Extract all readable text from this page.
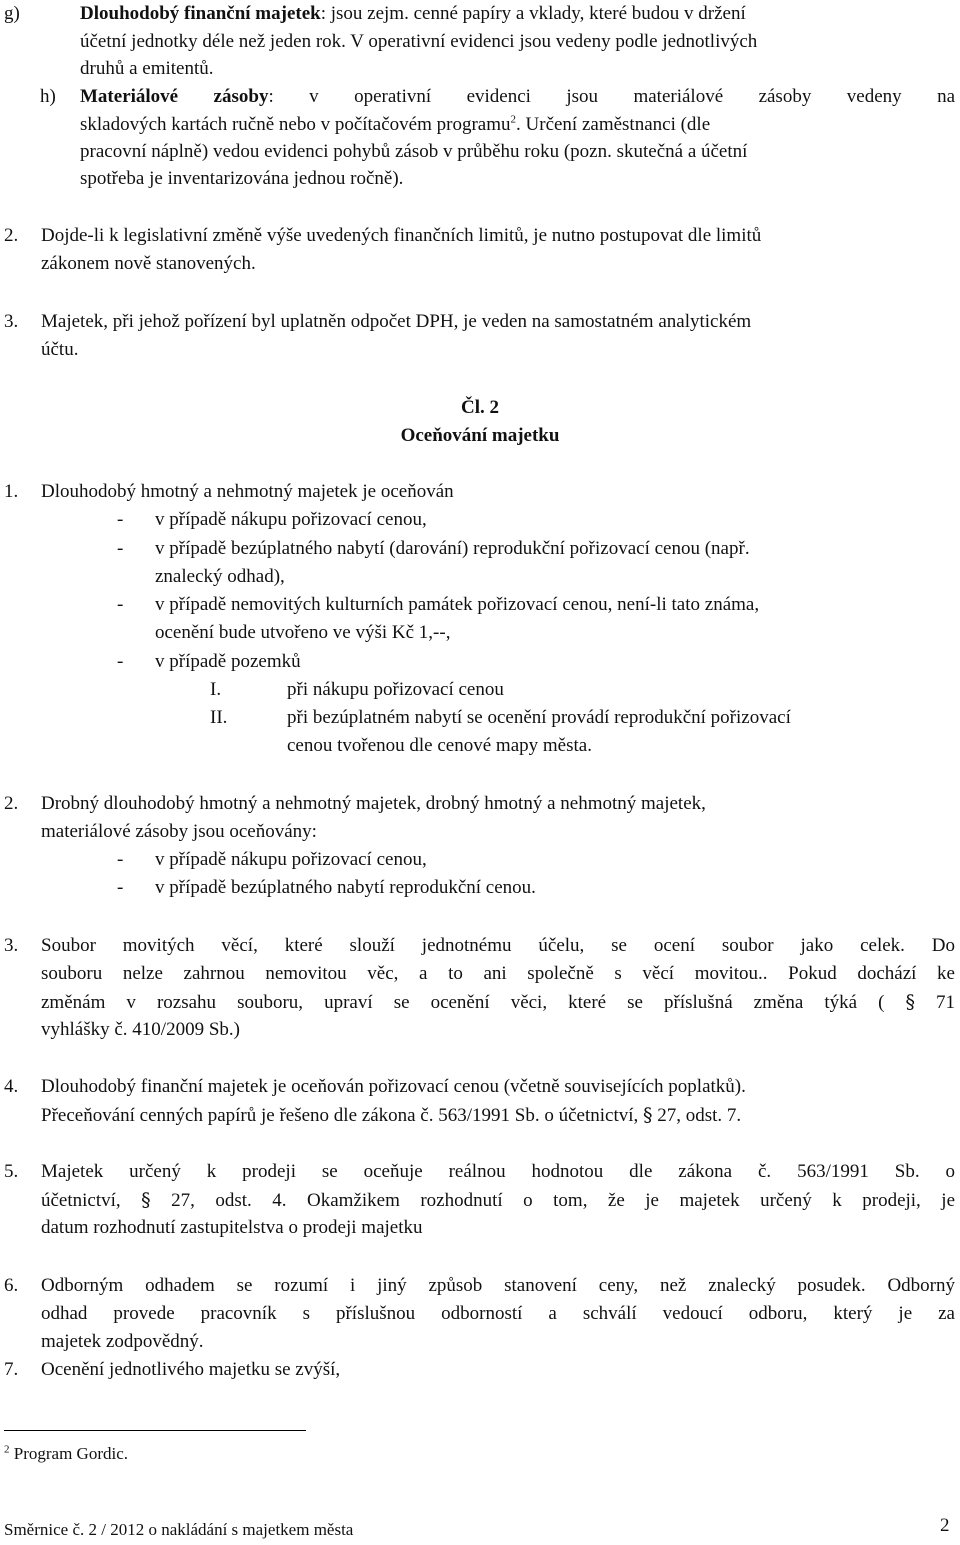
g)	Dlouhodobý finanční majetek: jsou zejm. cenné papíry a vklady, které budou v držení
účetní jednotky déle než jeden rok. V operativní evidenci jsou vedeny podle jednotlivých
druhů a emitentů.
h) Materiálové zásoby: v operativní evidenci jsou materiálové zásoby vedeny na
skladových kartách ručně nebo v počítačovém programu$^2$. Určení zaměstnanci (dle
pracovní náplně) vedou evidenci pohybů zásob v průběhu roku (pozn. skutečná a účetní
spotřeba je inventarizována jednou ročně).
2. Dojde-li k legislativní změně výše uvedených finančních limitů, je nutno postupovat dle limitů
zákonem nově stanovených.
3. Majetek, při jehož pořízení byl uplatněn odpočet DPH, je veden na samostatném analytickém
účtu.
Čl. 2
Oceňování majetku
1. Dlouhodobý hmotný a nehmotný majetek je oceňován
- v případě nákupu pořizovací cenou,
- v případě bezúplatného nabytí (darování) reprodukční pořizovací cenou (např.
znalecký odhad),
- v případě nemovitých kulturních památek pořizovací cenou, není-li tato známa,
ocenění bude utvořeno ve výši Kč 1,--,
- v případě pozemků
I.	při nákupu pořizovací cenou
II.	při bezúplatném nabytí se ocenění provádí reprodukční pořizovací
cenou tvořenou dle cenové mapy města.
2. Drobný dlouhodobý hmotný a nehmotný majetek, drobný hmotný a nehmotný majetek,
materiálové zásoby jsou oceňovány:
- v případě nákupu pořizovací cenou,
- v případě bezúplatného nabytí reprodukční cenou.
3. Soubor movitých věcí, které slouží jednotnému účelu, se ocení soubor jako celek. Do
souboru nelze zahrnou nemovitou věc, a to ani společně s věcí movitou.. Pokud dochází ke
změnám v rozsahu souboru, upraví se ocenění věci, které se příslušná změna týká ( § 71
vyhlášky č. 410/2009 Sb.)
4. Dlouhodobý finanční majetek je oceňován pořizovací cenou (včetně souvisejících poplatků).
Přeceňování cenných papírů je řešeno dle zákona č. 563/1991 Sb. o účetnictví, § 27, odst. 7.
5. Majetek určený k prodeji se oceňuje reálnou hodnotou dle zákona č. 563/1991 Sb. o
účetnictví, § 27, odst. 4. Okamžikem rozhodnutí o tom, že je majetek určený k prodeji, je
datum rozhodnutí zastupitelstva o prodeji majetku
6. Odborným odhadem se rozumí i jiný způsob stanovení ceny, než znalecký posudek. Odborný
odhad provede pracovník s příslušnou odborností a schválí vedoucí odboru, který je za
majetek zodpovědný.
7. Ocenění jednotlivého majetku se zvýší,
$^2$ Program Gordic.
Směrnice č. 2 / 2012 o nakládání s majetkem města	2
